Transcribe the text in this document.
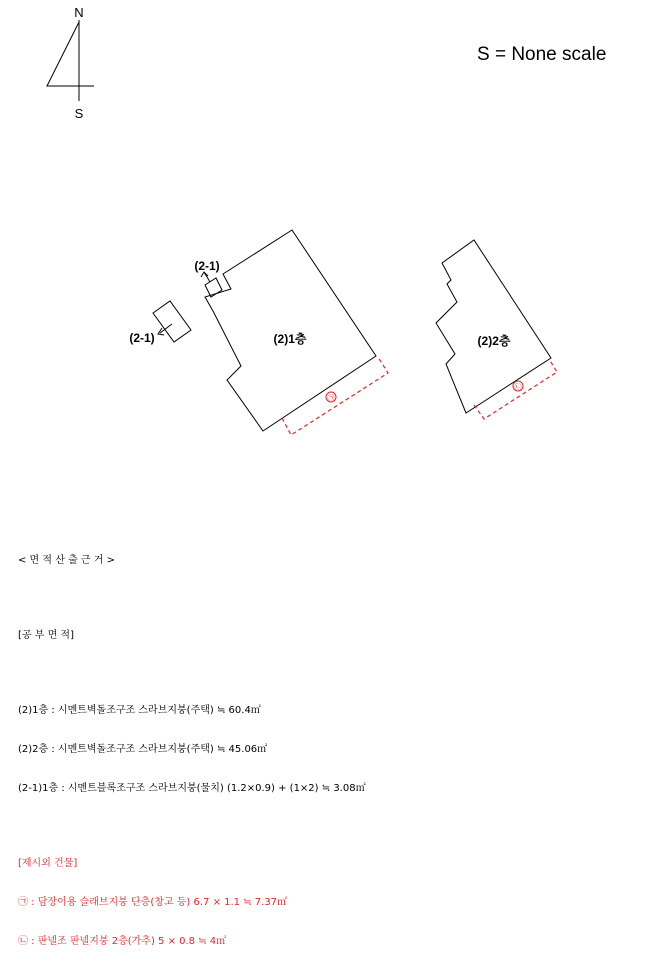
N
S
(2)1층
(2-1)
(2-1)
㉠
(2)2층
㉡
S = None scale

< 면 적 산 출 근 거 >

[공 부 면 적]

(2)1층 : 시멘트벽돌조구조 스라브지붕(주택) ≒ 60.4㎡

(2)2층 : 시멘트벽돌조구조 스라브지붕(주택) ≒ 45.06㎡

(2-1)1층 : 시멘트블록조구조 스라브지붕(물치) (1.2×0.9) + (1×2) ≒ 3.08㎡

[제시외 건물]

㉠ : 담장이용 슬래브지붕 단층(창고 등) 6.7 × 1.1 ≒ 7.37㎡

㉡ : 판넬조 판넬지붕 2층(가추) 5 × 0.8 ≒ 4㎡
